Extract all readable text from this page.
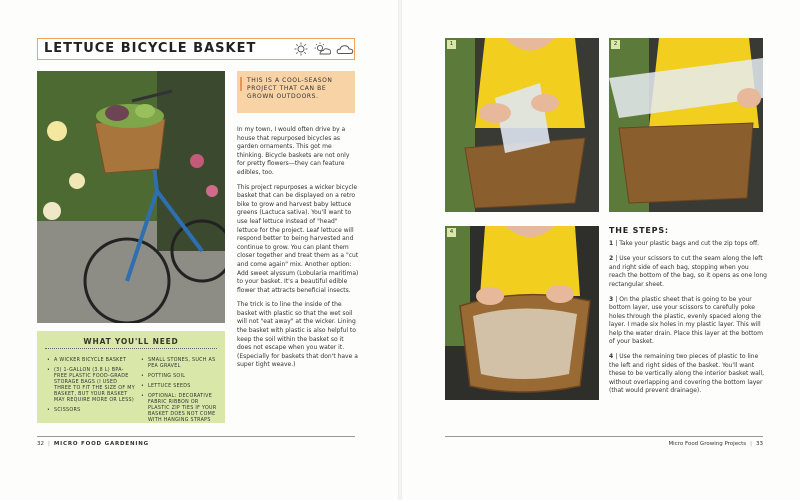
LETTUCE BICYCLE BASKET
THIS IS A COOL-SEASON PROJECT THAT CAN BE GROWN OUTDOORS.

In my town, I would often drive by a house that repurposed bicycles as garden ornaments. This got me thinking. Bicycle baskets are not only for pretty flowers—they can feature edibles, too.

This project repurposes a wicker bicycle basket that can be displayed on a retro bike to grow and harvest baby lettuce greens (Lactuca sativa). You'll want to use leaf lettuce instead of "head" lettuce for the project. Leaf lettuce will respond better to being harvested and continue to grow. You can plant them closer together and treat them as a "cut and come again" mix. Another option: Add sweet alyssum (Lobularia maritima) to your basket. It's a beautiful edible flower that attracts beneficial insects.

The trick is to line the inside of the basket with plastic so that the wet soil will not "eat away" at the wicker. Lining the basket with plastic is also helpful to keep the soil within the basket so it does not escape when you water it. (Especially for baskets that don't have a super tight weave.)

WHAT YOU'LL NEED
• A WICKER BICYCLE BASKET
• (3) 1-GALLON (3.8 L) BPA-FREE PLASTIC FOOD-GRADE STORAGE BAGS (I USED THREE TO FIT THE SIZE OF MY BASKET, BUT YOUR BASKET MAY REQUIRE MORE OR LESS)
• SCISSORS
• SMALL STONES, SUCH AS PEA GRAVEL
• POTTING SOIL
• LETTUCE SEEDS
• OPTIONAL: DECORATIVE FABRIC RIBBON OR PLASTIC ZIP TIES IF YOUR BASKET DOES NOT COME WITH HANGING STRAPS
32 | MICRO FOOD GARDENING
1	2
4	THE STEPS:
1 | Take your plastic bags and cut the zip tops off.
2 | Use your scissors to cut the seam along the left and right side of each bag, stopping when you reach the bottom of the bag, so it opens as one long rectangular sheet.
3 | On the plastic sheet that is going to be your bottom layer, use your scissors to carefully poke holes through the plastic, evenly spaced along the layer. I made six holes in my plastic layer. This will help the water drain. Place this layer at the bottom of your basket.
4 | Use the remaining two pieces of plastic to line the left and right sides of the basket. You'll want these to be vertically along the interior basket wall, without overlapping and covering the bottom layer (that would prevent drainage).
Micro Food Growing Projects | 33
